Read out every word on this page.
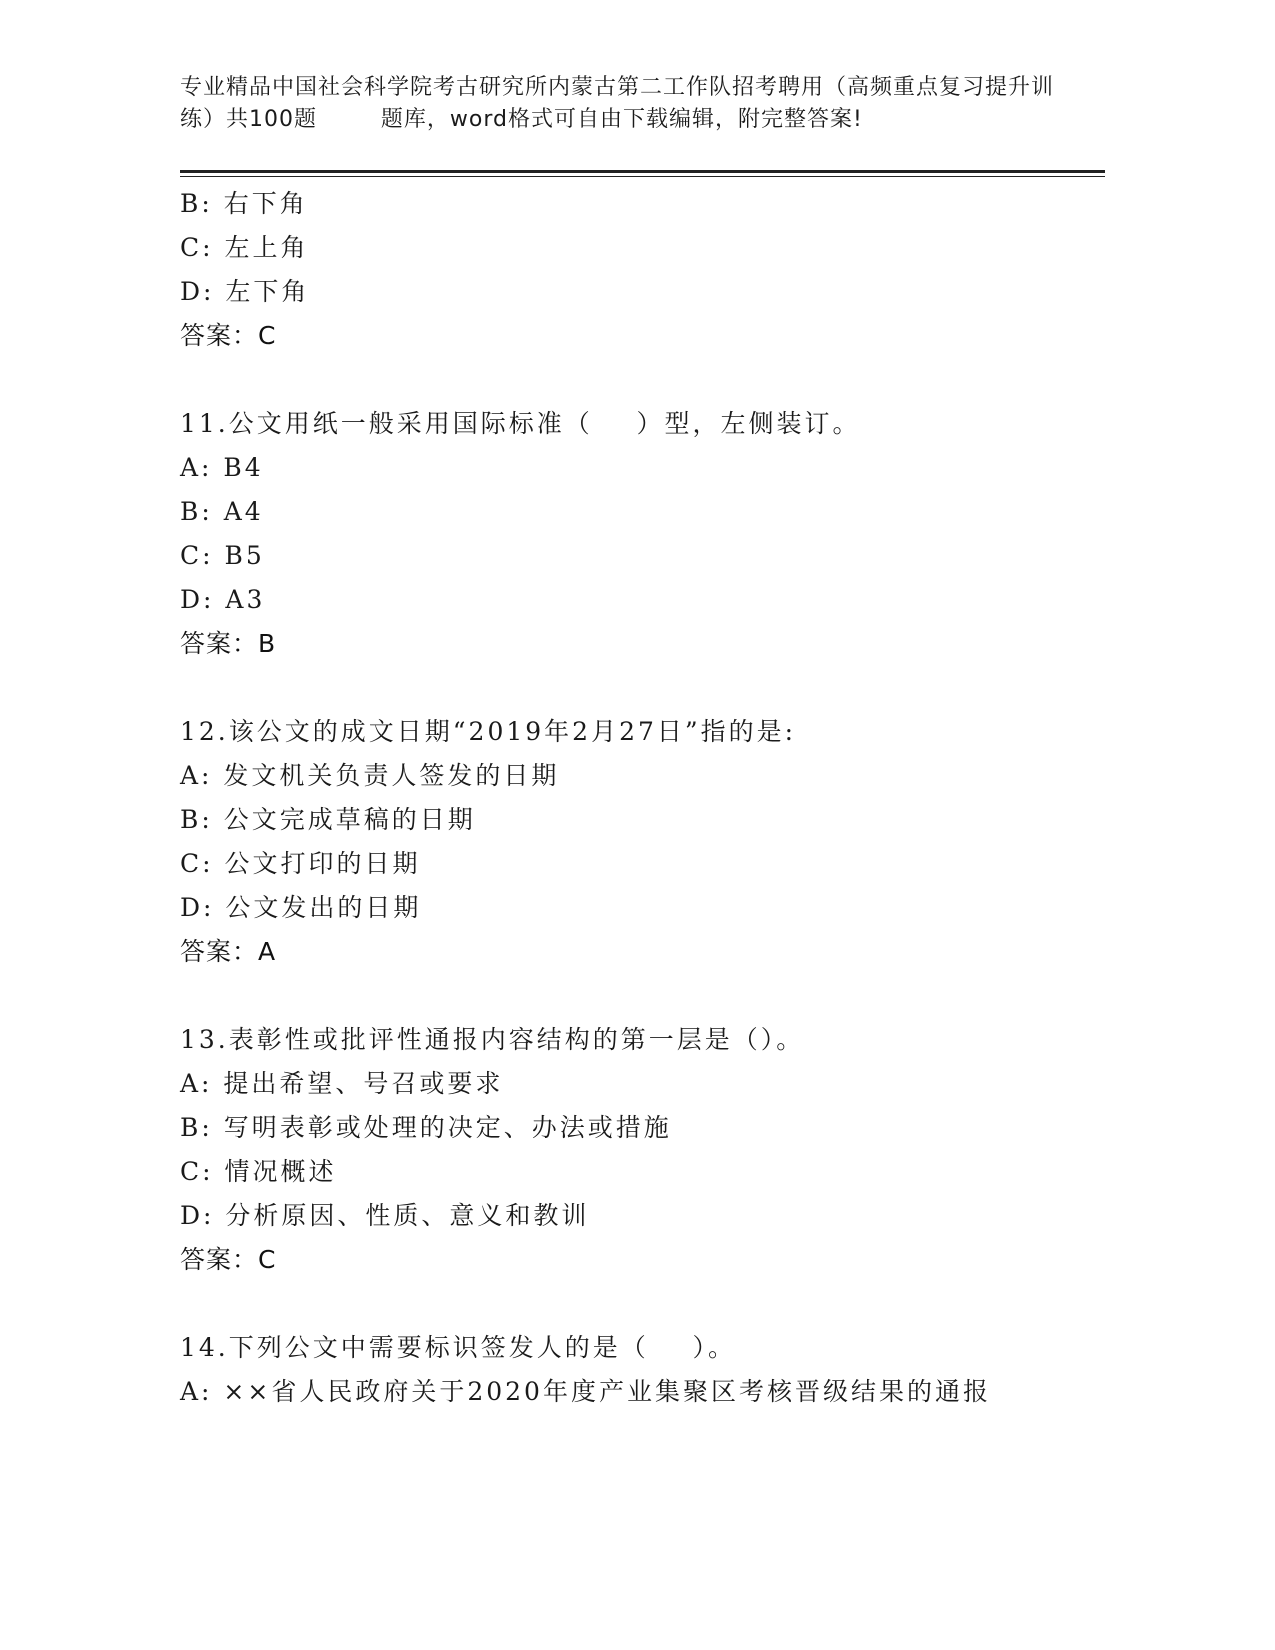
专业精品中国社会科学院考古研究所内蒙古第二工作队招考聘用（高频重点复习提升训练）共100题        题库，word格式可自由下载编辑，附完整答案!
B: 右下角
C: 左上角
D: 左下角
答案：C
11.公文用纸一般采用国际标准（    ）型，左侧装订。
A: B4
B: A4
C: B5
D: A3
答案：B
12.该公文的成文日期“2019年2月27日”指的是:
A: 发文机关负责人签发的日期
B: 公文完成草稿的日期
C: 公文打印的日期
D: 公文发出的日期
答案：A
13.表彰性或批评性通报内容结构的第一层是（）。
A: 提出希望、号召或要求
B: 写明表彰或处理的决定、办法或措施
C: 情况概述
D: 分析原因、性质、意义和教训
答案：C
14.下列公文中需要标识签发人的是（    ）。
A: ××省人民政府关于2020年度产业集聚区考核晋级结果的通报
